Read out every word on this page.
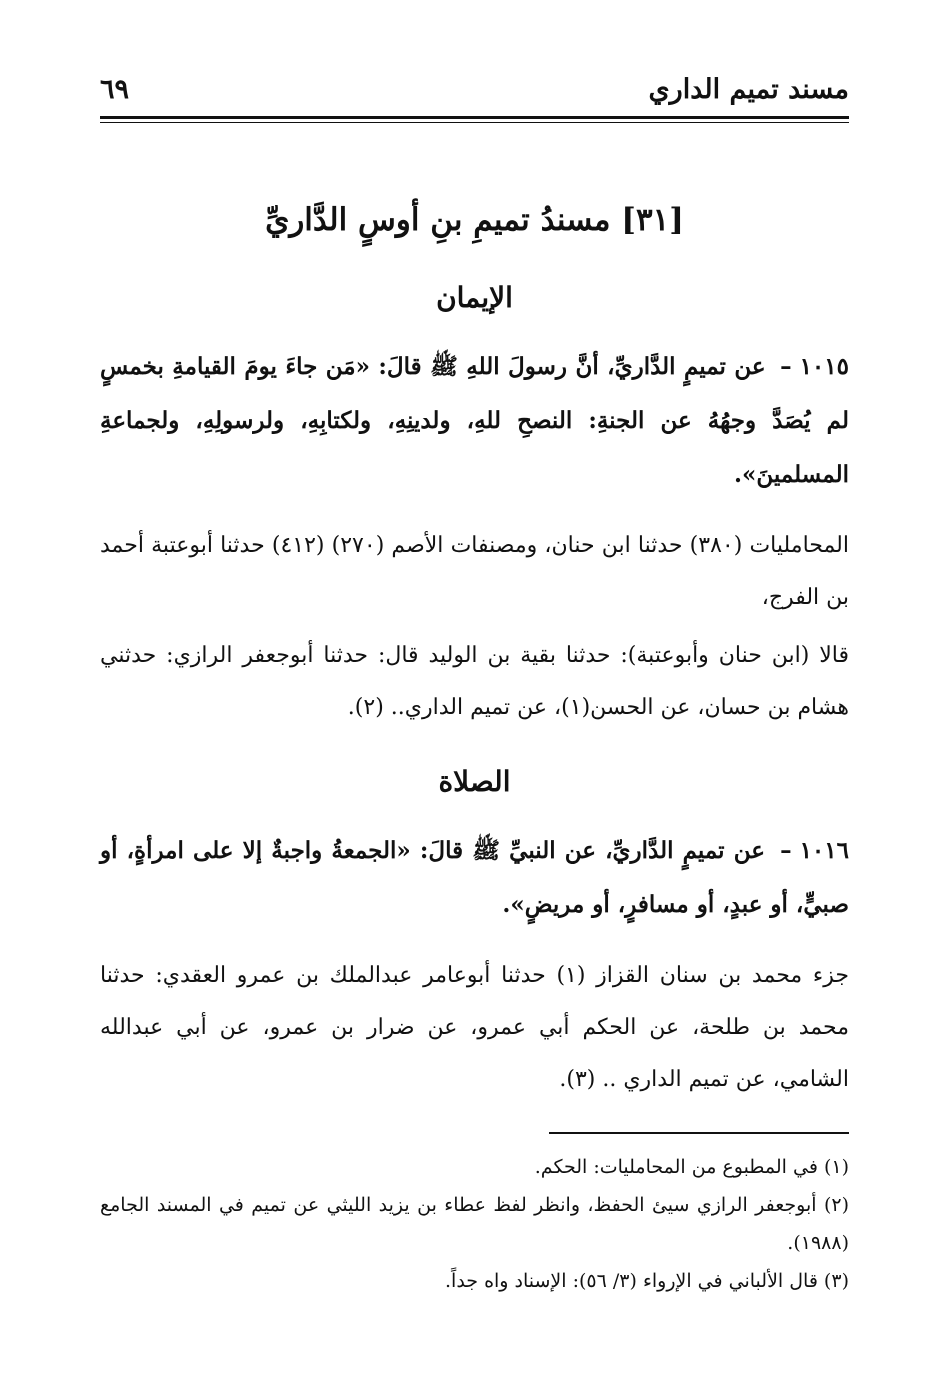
مسند تميم الداري
٦٩
[٣١] مسندُ تميمِ بنِ أوسٍ الدَّاريِّ
الإيمان

١٠١٥ – عن تميمٍ الدَّاريِّ، أنَّ رسولَ اللهِ ﷺ قالَ: «مَن جاءَ يومَ القيامةِ بخمسٍ لم يُصَدَّ وجهُهُ عن الجنةِ: النصحِ للهِ، ولدينِهِ، ولكتابِهِ، ولرسولِهِ، ولجماعةِ المسلمينَ».

المحامليات (٣٨٠) حدثنا ابن حنان، ومصنفات الأصم (٢٧٠) (٤١٢) حدثنا أبوعتبة أحمد بن الفرج،

قالا (ابن حنان وأبوعتبة): حدثنا بقية بن الوليد قال: حدثنا أبوجعفر الرازي: حدثني هشام بن حسان، عن الحسن(١)، عن تميم الداري.. (٢).

الصلاة

١٠١٦ – عن تميمٍ الدَّاريِّ، عن النبيِّ ﷺ قالَ: «الجمعةُ واجبةٌ إلا على امرأةٍ، أو صبيٍّ، أو عبدٍ، أو مسافرٍ، أو مريضٍ».

جزء محمد بن سنان القزاز (١) حدثنا أبوعامر عبدالملك بن عمرو العقدي: حدثنا محمد بن طلحة، عن الحكم أبي عمرو، عن ضرار بن عمرو، عن أبي عبدالله الشامي، عن تميم الداري .. (٣).

(١) في المطبوع من المحامليات: الحكم.

(٢) أبوجعفر الرازي سيئ الحفظ، وانظر لفظ عطاء بن يزيد الليثي عن تميم في المسند الجامع (١٩٨٨).

(٣) قال الألباني في الإرواء (٣/ ٥٦): الإسناد واه جداً.
